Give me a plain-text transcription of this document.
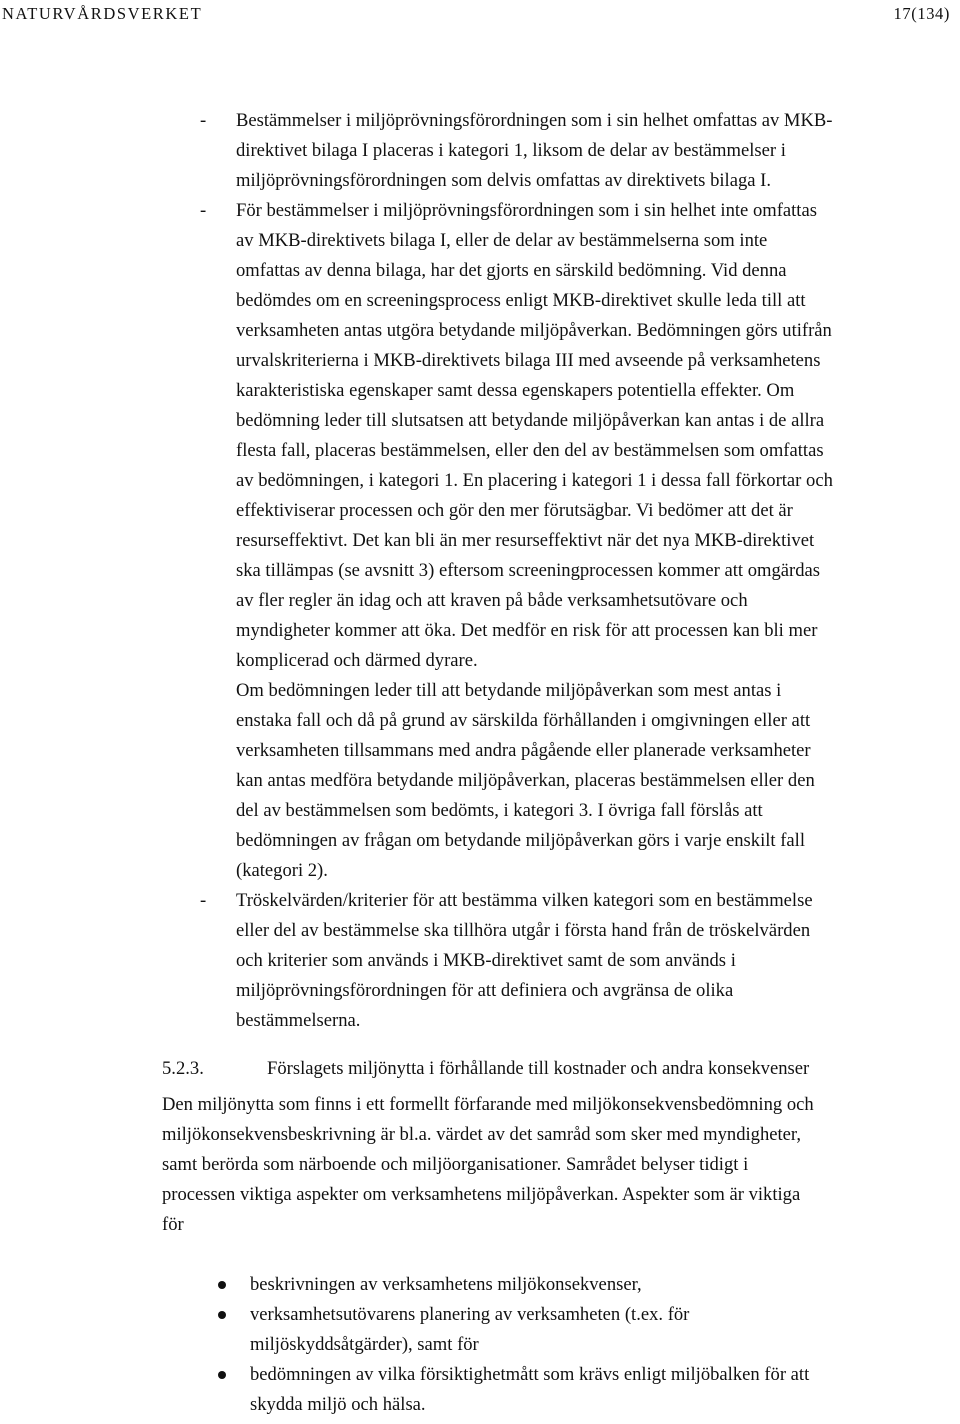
NATURVÅRDSVERKET	17(134)
-	Bestämmelser i miljöprövningsförordningen som i sin helhet omfattas av MKB-
direktivet bilaga I placeras i kategori 1, liksom de delar av bestämmelser i
miljöprövningsförordningen som delvis omfattas av direktivets bilaga I.
-	För bestämmelser i miljöprövningsförordningen som i sin helhet inte omfattas
av MKB-direktivets bilaga I, eller de delar av bestämmelserna som inte
omfattas av denna bilaga, har det gjorts en särskild bedömning. Vid denna
bedömdes om en screeningsprocess enligt MKB-direktivet skulle leda till att
verksamheten antas utgöra betydande miljöpåverkan. Bedömningen görs utifrån
urvalskriterierna i MKB-direktivets bilaga III med avseende på verksamhetens
karakteristiska egenskaper samt dessa egenskapers potentiella effekter. Om
bedömning leder till slutsatsen att betydande miljöpåverkan kan antas i de allra
flesta fall, placeras bestämmelsen, eller den del av bestämmelsen som omfattas
av bedömningen, i kategori 1. En placering i kategori 1 i dessa fall förkortar och
effektiviserar processen och gör den mer förutsägbar. Vi bedömer att det är
resurseffektivt. Det kan bli än mer resurseffektivt när det nya MKB-direktivet
ska tillämpas (se avsnitt 3) eftersom screeningprocessen kommer att omgärdas
av fler regler än idag och att kraven på både verksamhetsutövare och
myndigheter kommer att öka. Det medför en risk för att processen kan bli mer
komplicerad och därmed dyrare.
Om bedömningen leder till att betydande miljöpåverkan som mest antas i
enstaka fall och då på grund av särskilda förhållanden i omgivningen eller att
verksamheten tillsammans med andra pågående eller planerade verksamheter
kan antas medföra betydande miljöpåverkan, placeras bestämmelsen eller den
del av bestämmelsen som bedömts, i kategori 3. I övriga fall förslås att
bedömningen av frågan om betydande miljöpåverkan görs i varje enskilt fall
(kategori 2).
-	Tröskelvärden/kriterier för att bestämma vilken kategori som en bestämmelse
eller del av bestämmelse ska tillhöra utgår i första hand från de tröskelvärden
och kriterier som används i MKB-direktivet samt de som används i
miljöprövningsförordningen för att definiera och avgränsa de olika
bestämmelserna.
5.2.3.	Förslagets miljönytta i förhållande till kostnader och andra konsekvenser
Den miljönytta som finns i ett formellt förfarande med miljökonsekvensbedömning och
miljökonsekvensbeskrivning är bl.a. värdet av det samråd som sker med myndigheter,
samt berörda som närboende och miljöorganisationer. Samrådet belyser tidigt i
processen viktiga aspekter om verksamhetens miljöpåverkan. Aspekter som är viktiga
för
beskrivningen av verksamhetens miljökonsekvenser,
verksamhetsutövarens planering av verksamheten (t.ex. för
miljöskyddsåtgärder), samt för
bedömningen av vilka försiktighetmått som krävs enligt miljöbalken för att
skydda miljö och hälsa.
